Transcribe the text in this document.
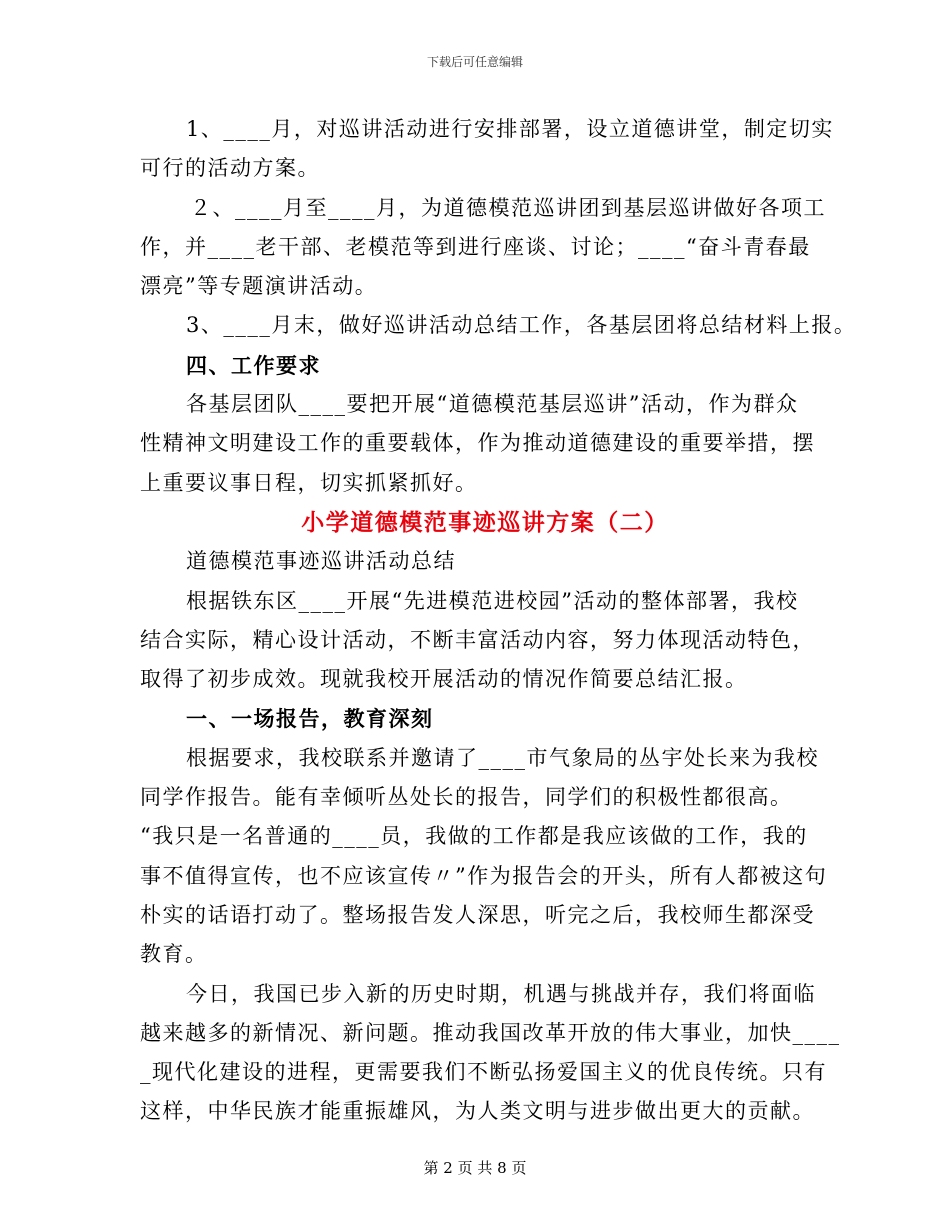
下载后可任意编辑
1、____月，对巡讲活动进行安排部署，设立道德讲堂，制定切实
可行的活动方案。
２、____月至____月，为道德模范巡讲团到基层巡讲做好各项工
作，并____老干部、老模范等到进行座谈、讨论；____“奋斗青春最
漂亮”等专题演讲活动。
3、____月末，做好巡讲活动总结工作，各基层团将总结材料上报。
四、工作要求
各基层团队____要把开展“道德模范基层巡讲”活动，作为群众
性精神文明建设工作的重要载体，作为推动道德建设的重要举措，摆
上重要议事日程，切实抓紧抓好。
小学道德模范事迹巡讲方案（二）
道德模范事迹巡讲活动总结
根据铁东区____开展“先进模范进校园”活动的整体部署，我校
结合实际，精心设计活动，不断丰富活动内容，努力体现活动特色，
取得了初步成效。现就我校开展活动的情况作简要总结汇报。
一、一场报告，教育深刻
根据要求，我校联系并邀请了____市气象局的丛宇处长来为我校
同学作报告。能有幸倾听丛处长的报告，同学们的积极性都很高。
“我只是一名普通的____员，我做的工作都是我应该做的工作，我的
事不值得宣传，也不应该宣传〃”作为报告会的开头，所有人都被这句
朴实的话语打动了。整场报告发人深思，听完之后，我校师生都深受
教育。
今日，我国已步入新的历史时期，机遇与挑战并存，我们将面临
越来越多的新情况、新问题。推动我国改革开放的伟大事业，加快____
_现代化建设的进程，更需要我们不断弘扬爱国主义的优良传统。只有
这样，中华民族才能重振雄风，为人类文明与进步做出更大的贡献。
第 2 页 共 8 页
